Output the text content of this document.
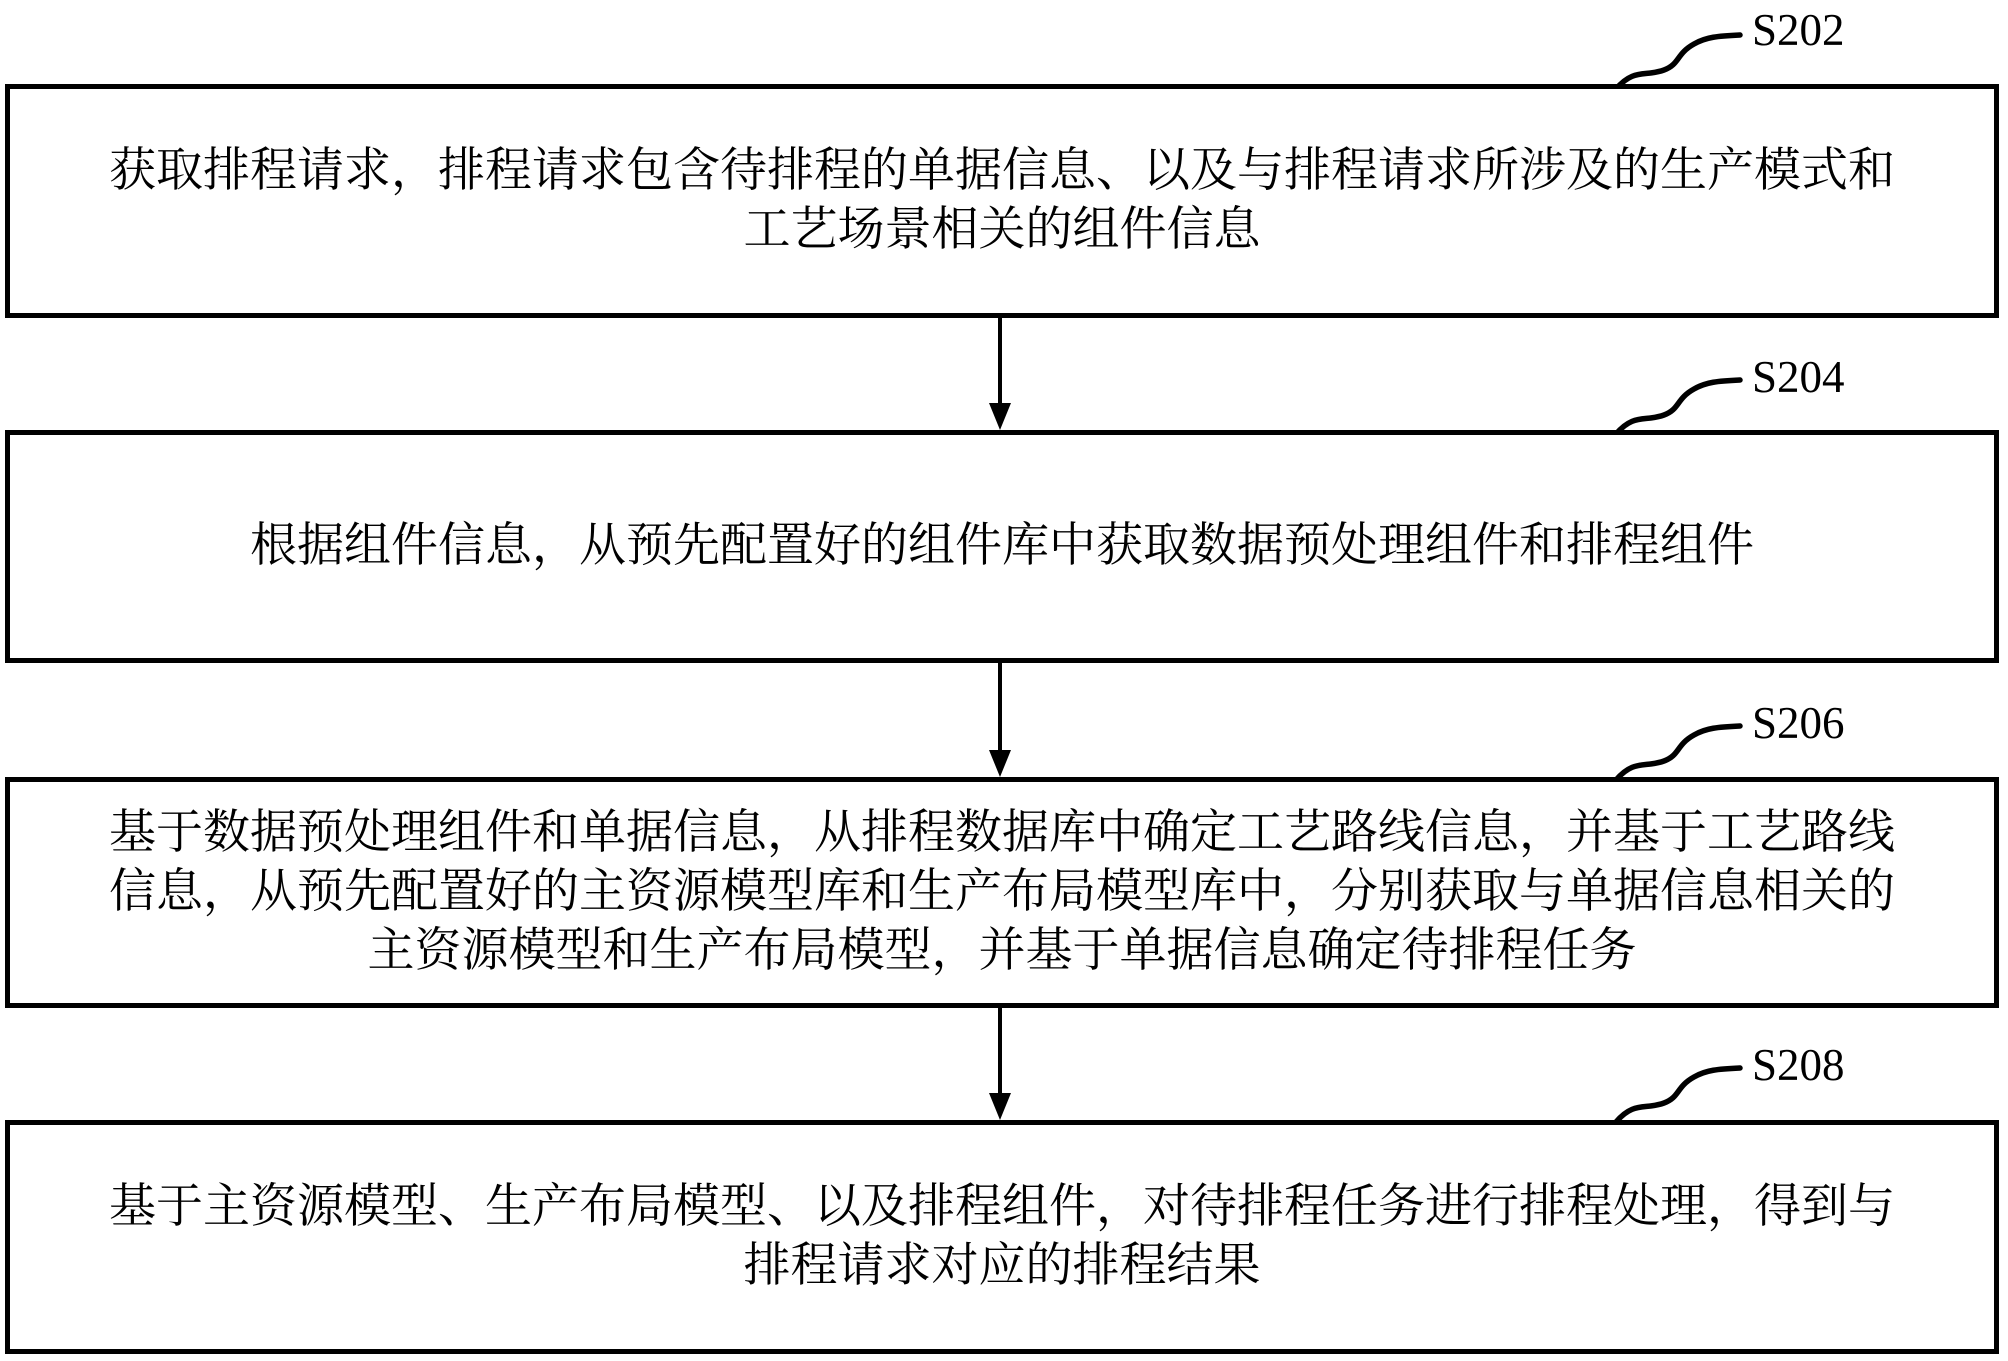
S202
获取排程请求，排程请求包含待排程的单据信息、以及与排程请求所涉及的生产模式和
工艺场景相关的组件信息
S204
根据组件信息，从预先配置好的组件库中获取数据预处理组件和排程组件
S206
基于数据预处理组件和单据信息，从排程数据库中确定工艺路线信息，并基于工艺路线
信息，从预先配置好的主资源模型库和生产布局模型库中，分别获取与单据信息相关的
主资源模型和生产布局模型，并基于单据信息确定待排程任务
S208
基于主资源模型、生产布局模型、以及排程组件，对待排程任务进行排程处理，得到与
排程请求对应的排程结果
